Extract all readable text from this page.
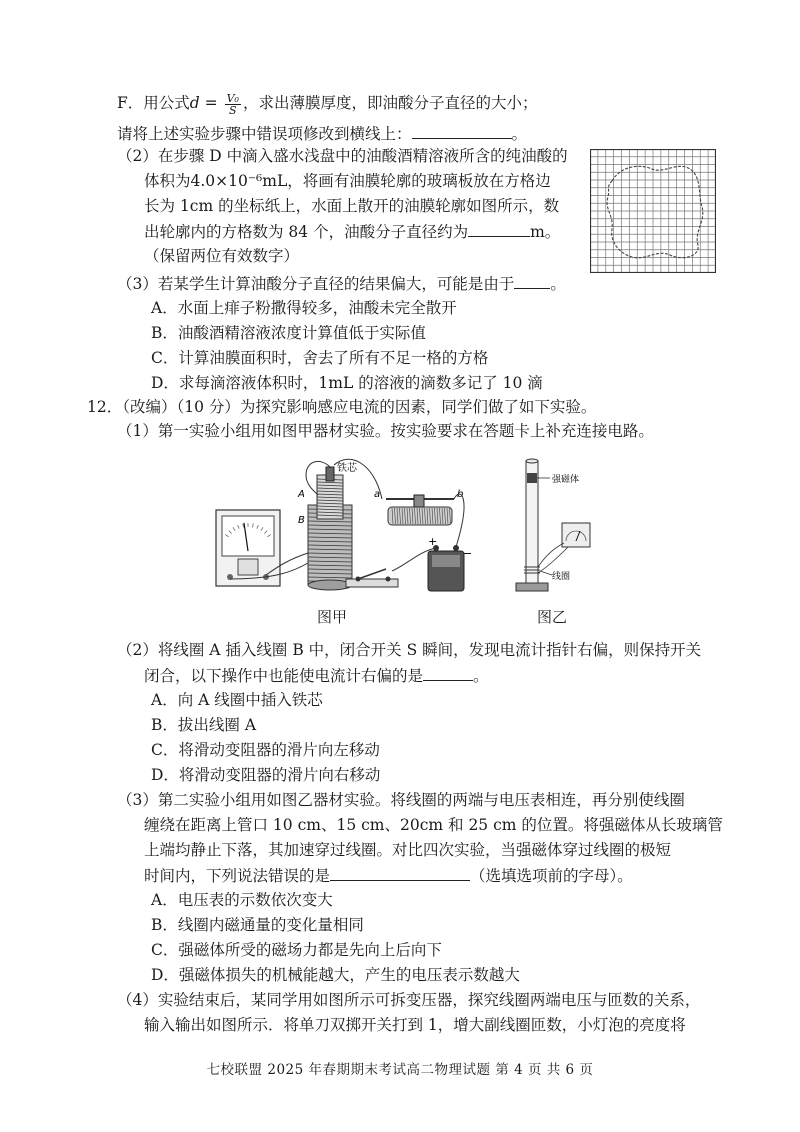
F．用公式$d = \frac{\text{V₀}}{S}$ ，求出薄膜厚度，即油酸分子直径的大小；
请将上述实验步骤中错误项修改到横线上：	。
（2）在步骤 D 中滴入盛水浅盘中的油酸酒精溶液所含的纯油酸的
体积为4.0×10⁻⁶mL，将画有油膜轮廓的玻璃板放在方格边
长为 1cm 的坐标纸上，水面上散开的油膜轮廓如图所示，数
出轮廓内的方格数为 84 个，油酸分子直径约为	m。
（保留两位有效数字）
（3）若某学生计算油酸分子直径的结果偏大，可能是由于 。
A．水面上痱子粉撒得较多，油酸未完全散开
B．油酸酒精溶液浓度计算值低于实际值
C．计算油膜面积时，舍去了所有不足一格的方格
D．求每滴溶液体积时，1mL 的溶液的滴数多记了 10 滴
12．（改编）（10 分）为探究影响感应电流的因素，同学们做了如下实验。
（1）第一实验小组用如图甲器材实验。按实验要求在答题卡上补充连接电路。
铁芯
A
B
a	b
+
−
强磁体
线圈
图甲	图乙
（2）将线圈 A 插入线圈 B 中，闭合开关 S 瞬间，发现电流计指针右偏，则保持开关
闭合，以下操作中也能使电流计右偏的是	。
A．向 A 线圈中插入铁芯
B．拔出线圈 A
C．将滑动变阻器的滑片向左移动
D．将滑动变阻器的滑片向右移动
（3）第二实验小组用如图乙器材实验。将线圈的两端与电压表相连，再分别使线圈
缠绕在距离上管口 10 cm、15 cm、20cm 和 25 cm 的位置。将强磁体从长玻璃管
上端均静止下落，其加速穿过线圈。对比四次实验，当强磁体穿过线圈的极短
时间内，下列说法错误的是	（选填选项前的字母）。
A．电压表的示数依次变大
B．线圈内磁通量的变化量相同
C．强磁体所受的磁场力都是先向上后向下
D．强磁体损失的机械能越大，产生的电压表示数越大
（4）实验结束后，某同学用如图所示可拆变压器，探究线圈两端电压与匝数的关系，
输入输出如图所示．将单刀双掷开关打到 1，增大副线圈匝数，小灯泡的亮度将
七校联盟 2025 年春期期末考试高二物理试题 第 4 页 共 6 页
